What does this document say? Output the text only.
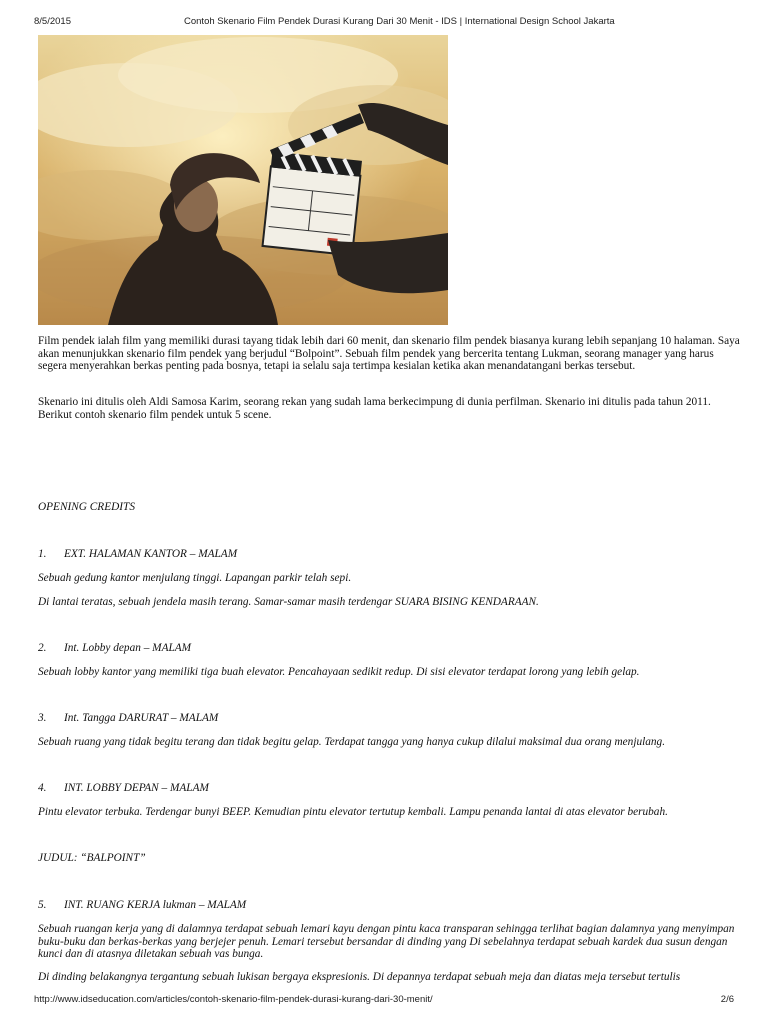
8/5/2015	Contoh Skenario Film Pendek Durasi Kurang Dari 30 Menit - IDS | International Design School Jakarta

Film pendek ialah film yang memiliki durasi tayang tidak lebih dari 60 menit, dan skenario film pendek biasanya kurang lebih sepanjang 10 halaman. Saya akan menunjukkan skenario film pendek yang berjudul “Bolpoint”. Sebuah film pendek yang bercerita tentang Lukman, seorang manager yang harus segera menyerahkan berkas penting pada bosnya, tetapi ia selalu saja tertimpa kesialan ketika akan menandatangani berkas tersebut.

Skenario ini ditulis oleh Aldi Samosa Karim, seorang rekan yang sudah lama berkecimpung di dunia perfilman. Skenario ini ditulis pada tahun 2011. Berikut contoh skenario film pendek untuk 5 scene.

OPENING CREDITS

1. EXT. HALAMAN KANTOR – MALAM

Sebuah gedung kantor menjulang tinggi. Lapangan parkir telah sepi.

Di lantai teratas, sebuah jendela masih terang. Samar-samar masih terdengar SUARA BISING KENDARAAN.

2. Int. Lobby depan – MALAM

Sebuah lobby kantor yang memiliki tiga buah elevator. Pencahayaan sedikit redup. Di sisi elevator terdapat lorong yang lebih gelap.

3. Int. Tangga DARURAT – MALAM

Sebuah ruang yang tidak begitu terang dan tidak begitu gelap. Terdapat tangga yang hanya cukup dilalui maksimal dua orang menjulang.

4. INT. LOBBY DEPAN – MALAM

Pintu elevator terbuka. Terdengar bunyi BEEP. Kemudian pintu elevator tertutup kembali. Lampu penanda lantai di atas elevator berubah.

JUDUL: “BALPOINT”

5. INT. RUANG KERJA lukman – MALAM

Sebuah ruangan kerja yang di dalamnya terdapat sebuah lemari kayu dengan pintu kaca transparan sehingga terlihat bagian dalamnya yang menyimpan buku-buku dan berkas-berkas yang berjejer penuh. Lemari tersebut bersandar di dinding yang Di sebelahnya terdapat sebuah kardek dua susun dengan kunci dan di atasnya diletakan sebuah vas bunga.

Di dinding belakangnya tergantung sebuah lukisan bergaya ekspresionis. Di depannya terdapat sebuah meja dan diatas meja tersebut tertulis

http://www.idseducation.com/articles/contoh-skenario-film-pendek-durasi-kurang-dari-30-menit/	2/6
